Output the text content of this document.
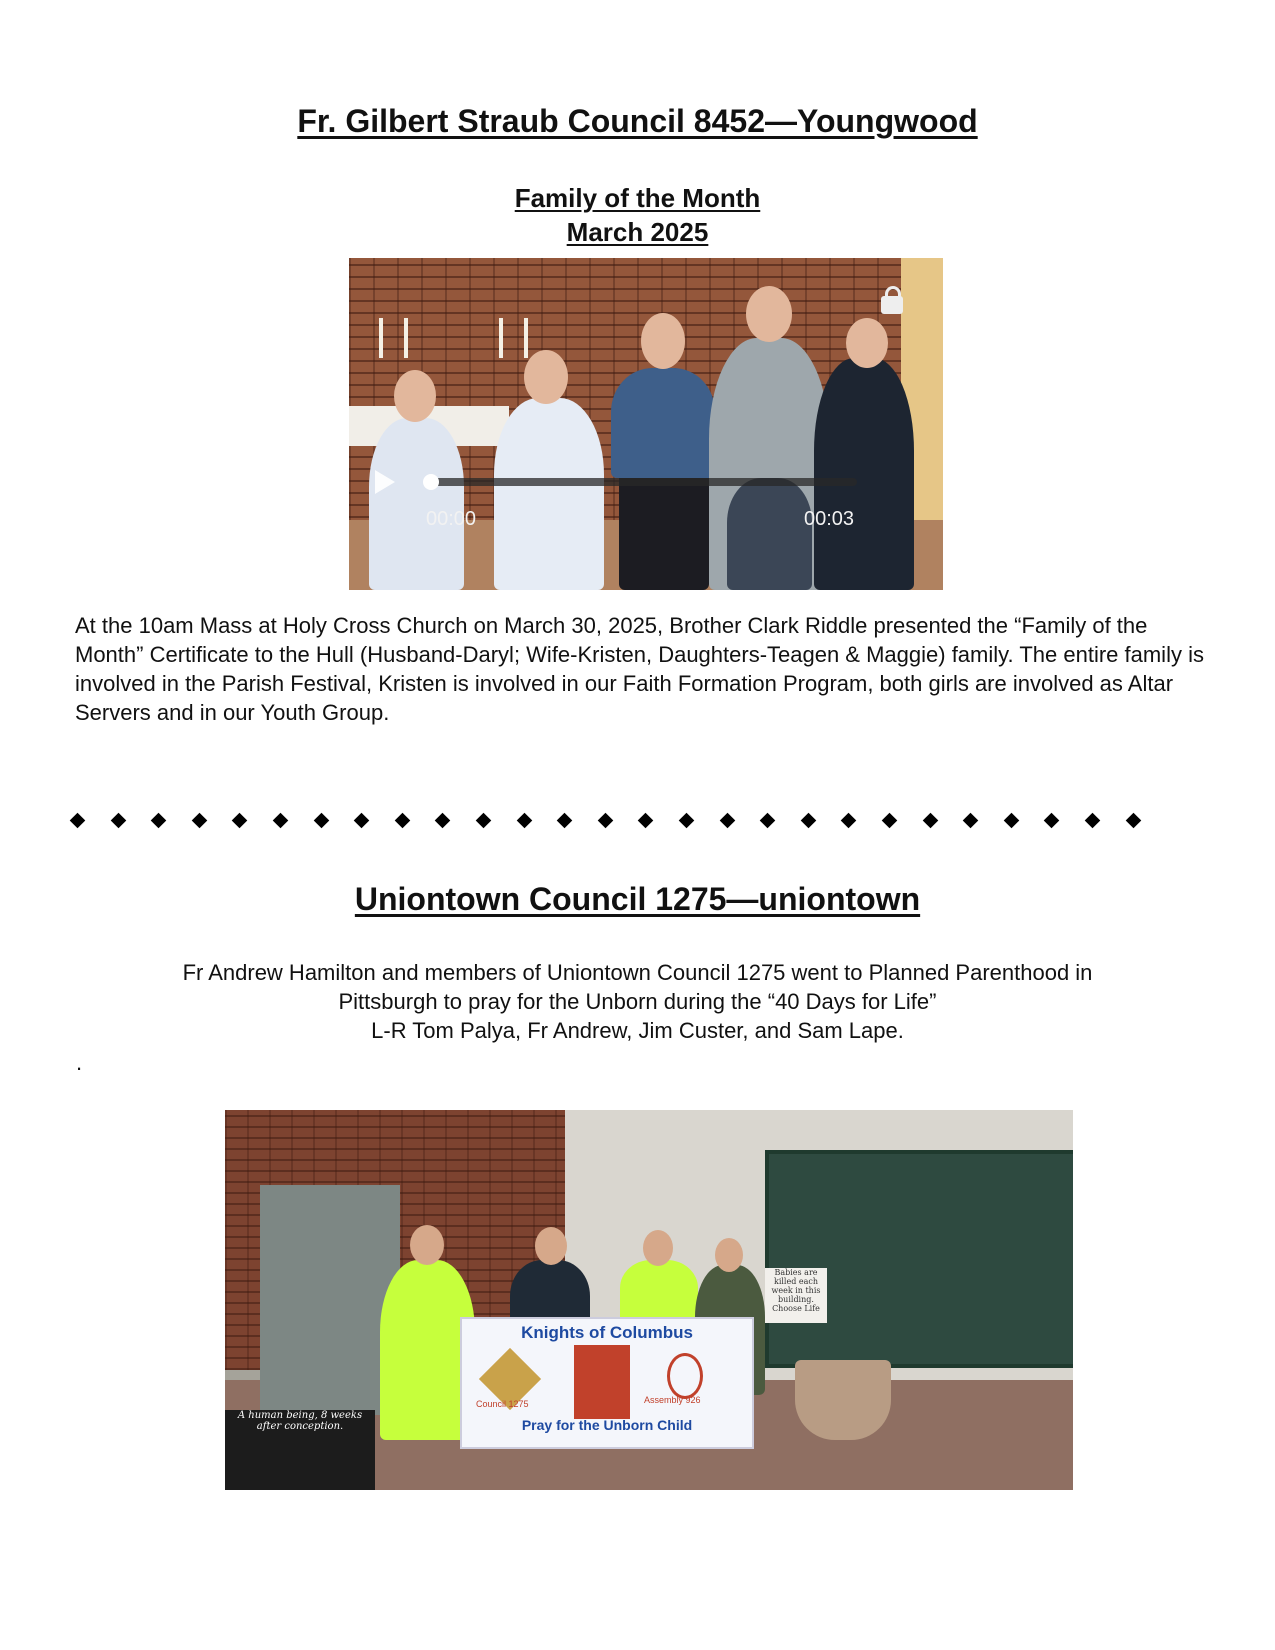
Fr. Gilbert Straub Council 8452—Youngwood
Family of the Month
March 2025
00:00	00:03
At the 10am Mass at Holy Cross Church on March 30, 2025, Brother Clark Riddle presented the “Family of the Month” Certificate to the Hull (Husband-Daryl; Wife-Kristen, Daughters-Teagen & Maggie) family. The entire family is involved in the Parish Festival, Kristen is involved in our Faith Formation Program, both girls are involved as Altar Servers and in our Youth Group.
Uniontown Council 1275—uniontown
Fr Andrew Hamilton and members of Uniontown Council 1275 went to Planned Parenthood in
Pittsburgh to pray for the Unborn during the “40 Days for Life”
L-R Tom Palya, Fr Andrew, Jim Custer, and Sam Lape.
.
Knights of Columbus
Council 1275	Assembly 926
Pray for the Unborn Child
A human being, 8 weeks after conception.
Babies are killed each week in this building. Choose Life
